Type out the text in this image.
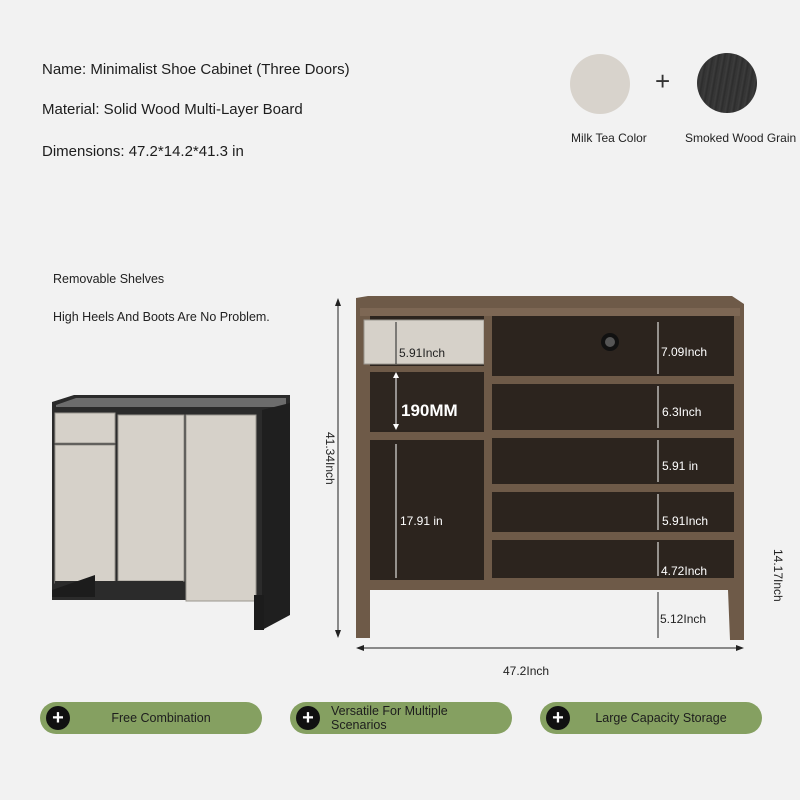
Name: Minimalist Shoe Cabinet (Three Doors)
Material: Solid Wood Multi-Layer Board
Dimensions: 47.2*14.2*41.3 in
+
Milk Tea Color	Smoked Wood Grain
Removable Shelves
High Heels And Boots Are No Problem.
5.91Inch
190MM
17.91 in
7.09Inch
6.3Inch
5.91 in
5.91Inch
4.72Inch
5.12Inch
47.2Inch
41.34Inch
14.17Inch
+	Free Combination	+	Versatile For Multiple Scenarios	+	Large Capacity Storage
